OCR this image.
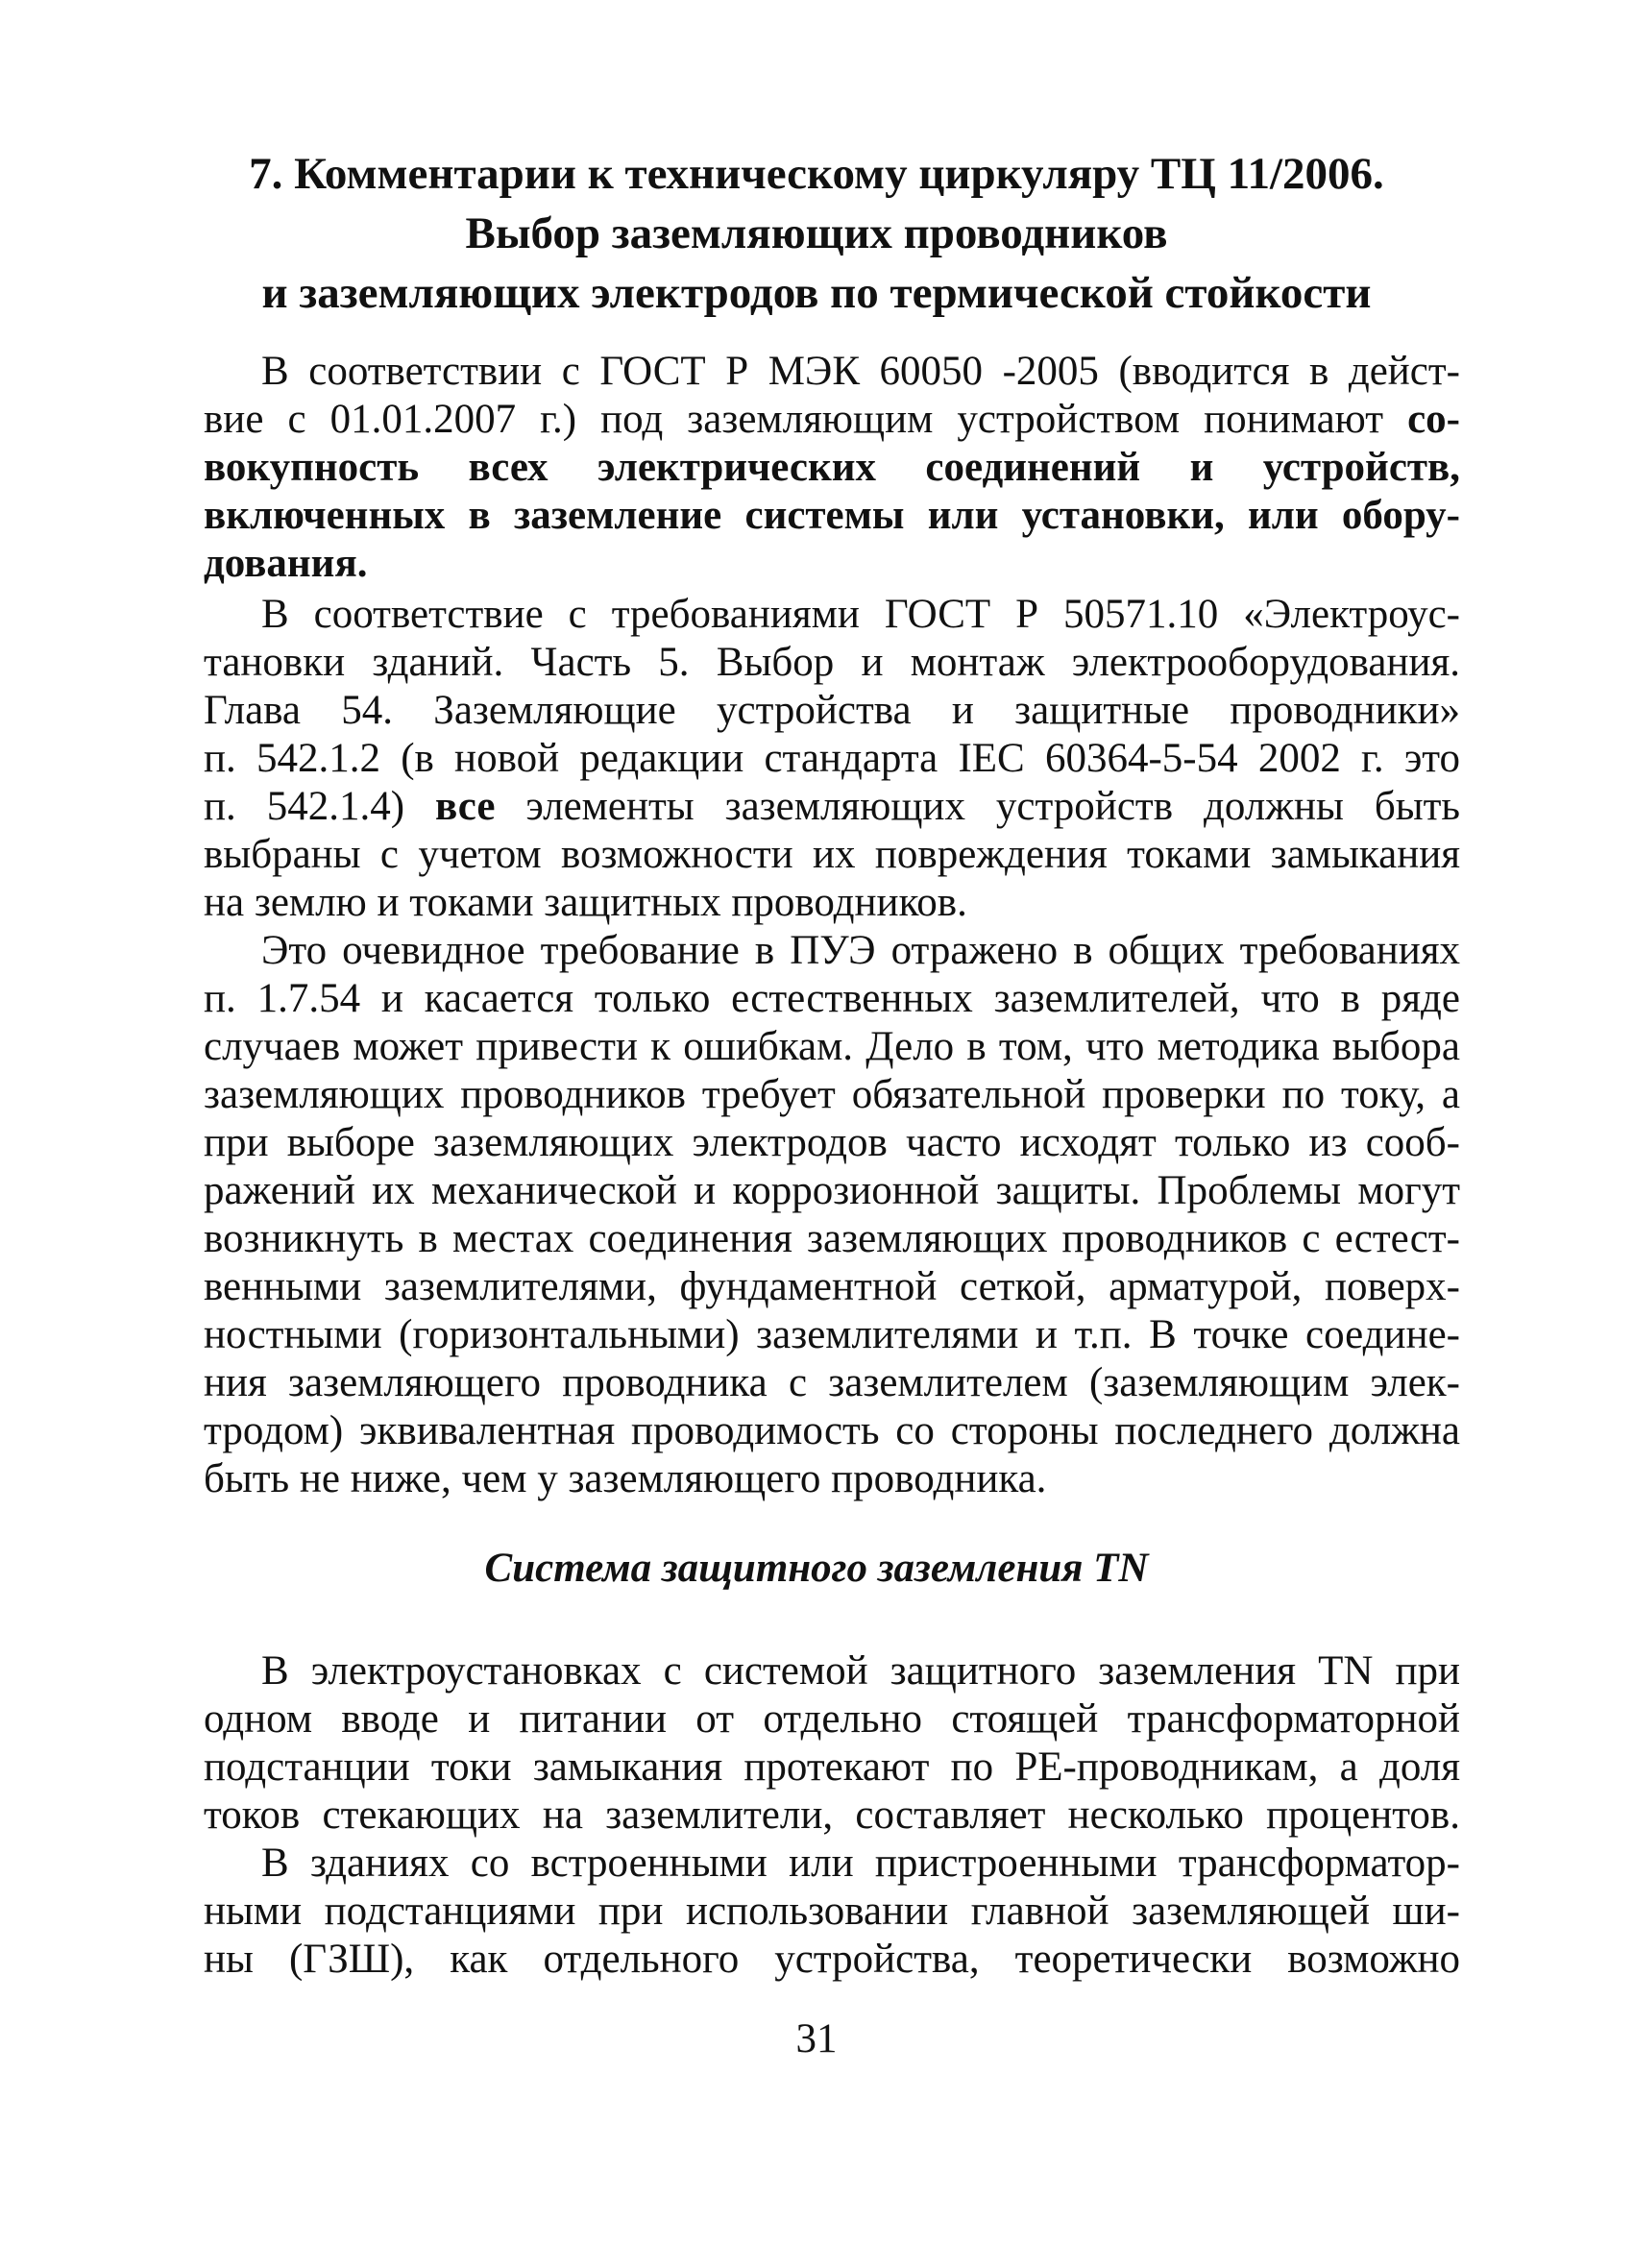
7. Комментарии к техническому циркуляру ТЦ 11/2006.
Выбор заземляющих проводников
и заземляющих электродов по термической стойкости

В соответствии с ГОСТ Р МЭК 60050 -2005 (вводится в дейст-
вие с 01.01.2007 г.) под заземляющим устройством понимают со-
вокупность всех электрических соединений и устройств,
включенных в заземление системы или установки, или обору-
дования.

В соответствие с требованиями ГОСТ Р 50571.10 «Электроус-
тановки зданий. Часть 5. Выбор и монтаж электрооборудования.
Глава 54. Заземляющие устройства и защитные проводники»
п. 542.1.2 (в новой редакции стандарта IEC 60364-5-54 2002 г. это
п. 542.1.4) все элементы заземляющих устройств должны быть
выбраны с учетом возможности их повреждения токами замыкания
на землю и токами защитных проводников.

Это очевидное требование в ПУЭ отражено в общих требованиях
п. 1.7.54 и касается только естественных заземлителей, что в ряде
случаев может привести к ошибкам. Дело в том, что методика выбора
заземляющих проводников требует обязательной проверки по току, а
при выборе заземляющих электродов часто исходят только из сооб-
ражений их механической и коррозионной защиты. Проблемы могут
возникнуть в местах соединения заземляющих проводников с естест-
венными заземлителями, фундаментной сеткой, арматурой, поверх-
ностными (горизонтальными) заземлителями и т.п. В точке соедине-
ния заземляющего проводника с заземлителем (заземляющим элек-
тродом) эквивалентная проводимость со стороны последнего должна
быть не ниже, чем у заземляющего проводника.

Система защитного заземления TN

В электроустановках с системой защитного заземления TN при
одном вводе и питании от отдельно стоящей трансформаторной
подстанции токи замыкания протекают по PE-проводникам, а доля
токов стекающих на заземлители, составляет несколько процентов.

В зданиях со встроенными или пристроенными трансформатор-
ными подстанциями при использовании главной заземляющей ши-
ны (ГЗШ), как отдельного устройства, теоретически возможно

31
